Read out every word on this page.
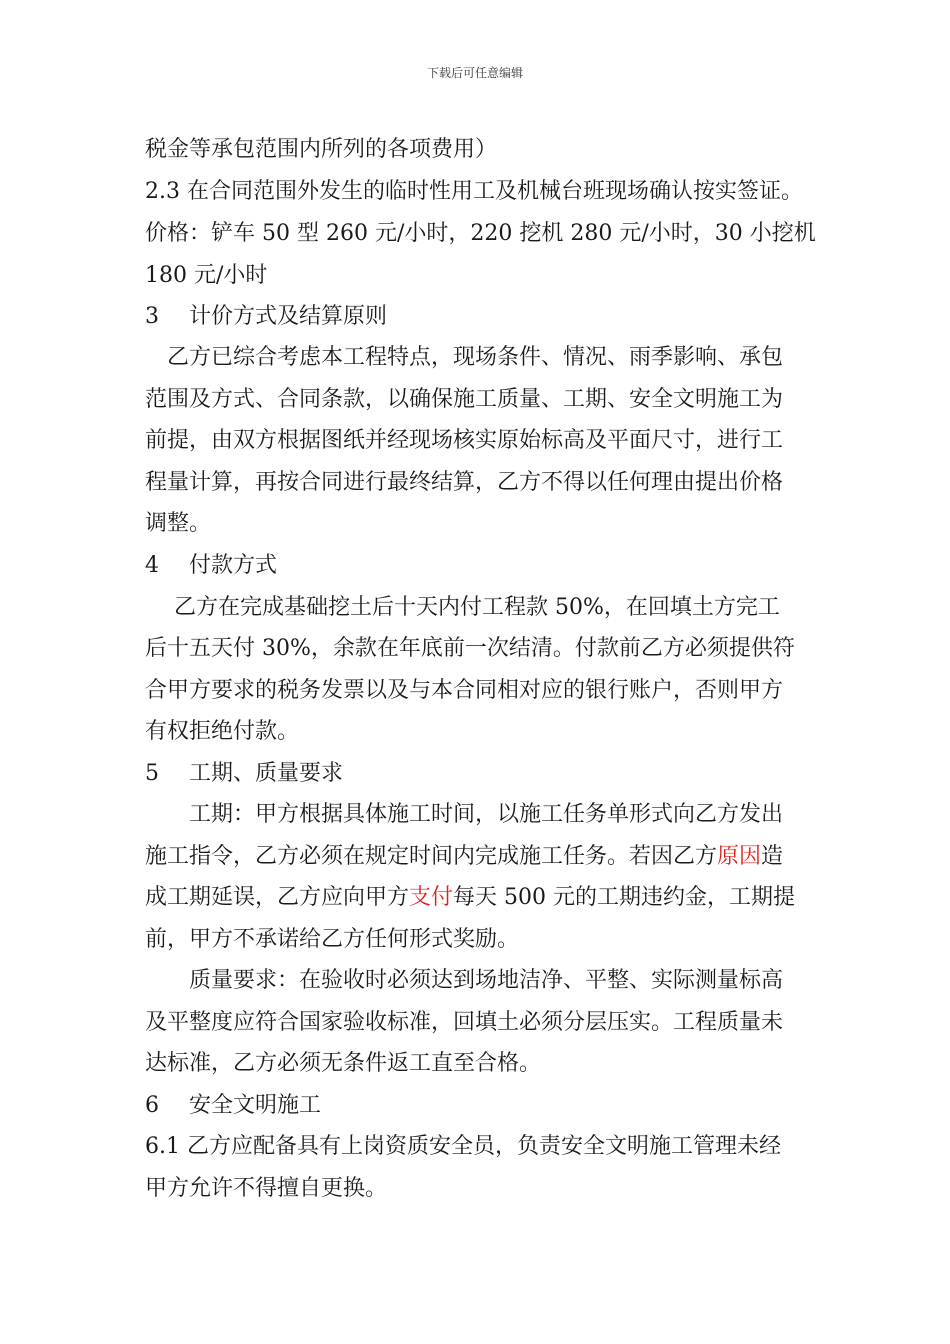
下载后可任意编辑
税金等承包范围内所列的各项费用）
2.3 在合同范围外发生的临时性用工及机械台班现场确认按实签证。
价格：铲车 50 型 260 元/小时，220 挖机 280 元/小时，30 小挖机
180 元/小时
3 计价方式及结算原则
　乙方已综合考虑本工程特点，现场条件、情况、雨季影响、承包
范围及方式、合同条款，以确保施工质量、工期、安全文明施工为
前提，由双方根据图纸并经现场核实原始标高及平面尺寸，进行工
程量计算，再按合同进行最终结算，乙方不得以任何理由提出价格
调整。
4 付款方式
　 乙方在完成基础挖土后十天内付工程款 50%，在回填土方完工
后十五天付 30%，余款在年底前一次结清。付款前乙方必须提供符
合甲方要求的税务发票以及与本合同相对应的银行账户，否则甲方
有权拒绝付款。
5 工期、质量要求
　　工期：甲方根据具体施工时间，以施工任务单形式向乙方发出
施工指令，乙方必须在规定时间内完成施工任务。若因乙方原因造
成工期延误，乙方应向甲方支付每天 500 元的工期违约金，工期提
前，甲方不承诺给乙方任何形式奖励。
　　质量要求：在验收时必须达到场地洁净、平整、实际测量标高
及平整度应符合国家验收标准，回填土必须分层压实。工程质量未
达标准，乙方必须无条件返工直至合格。
6 安全文明施工
6.1 乙方应配备具有上岗资质安全员，负责安全文明施工管理未经
甲方允许不得擅自更换。
